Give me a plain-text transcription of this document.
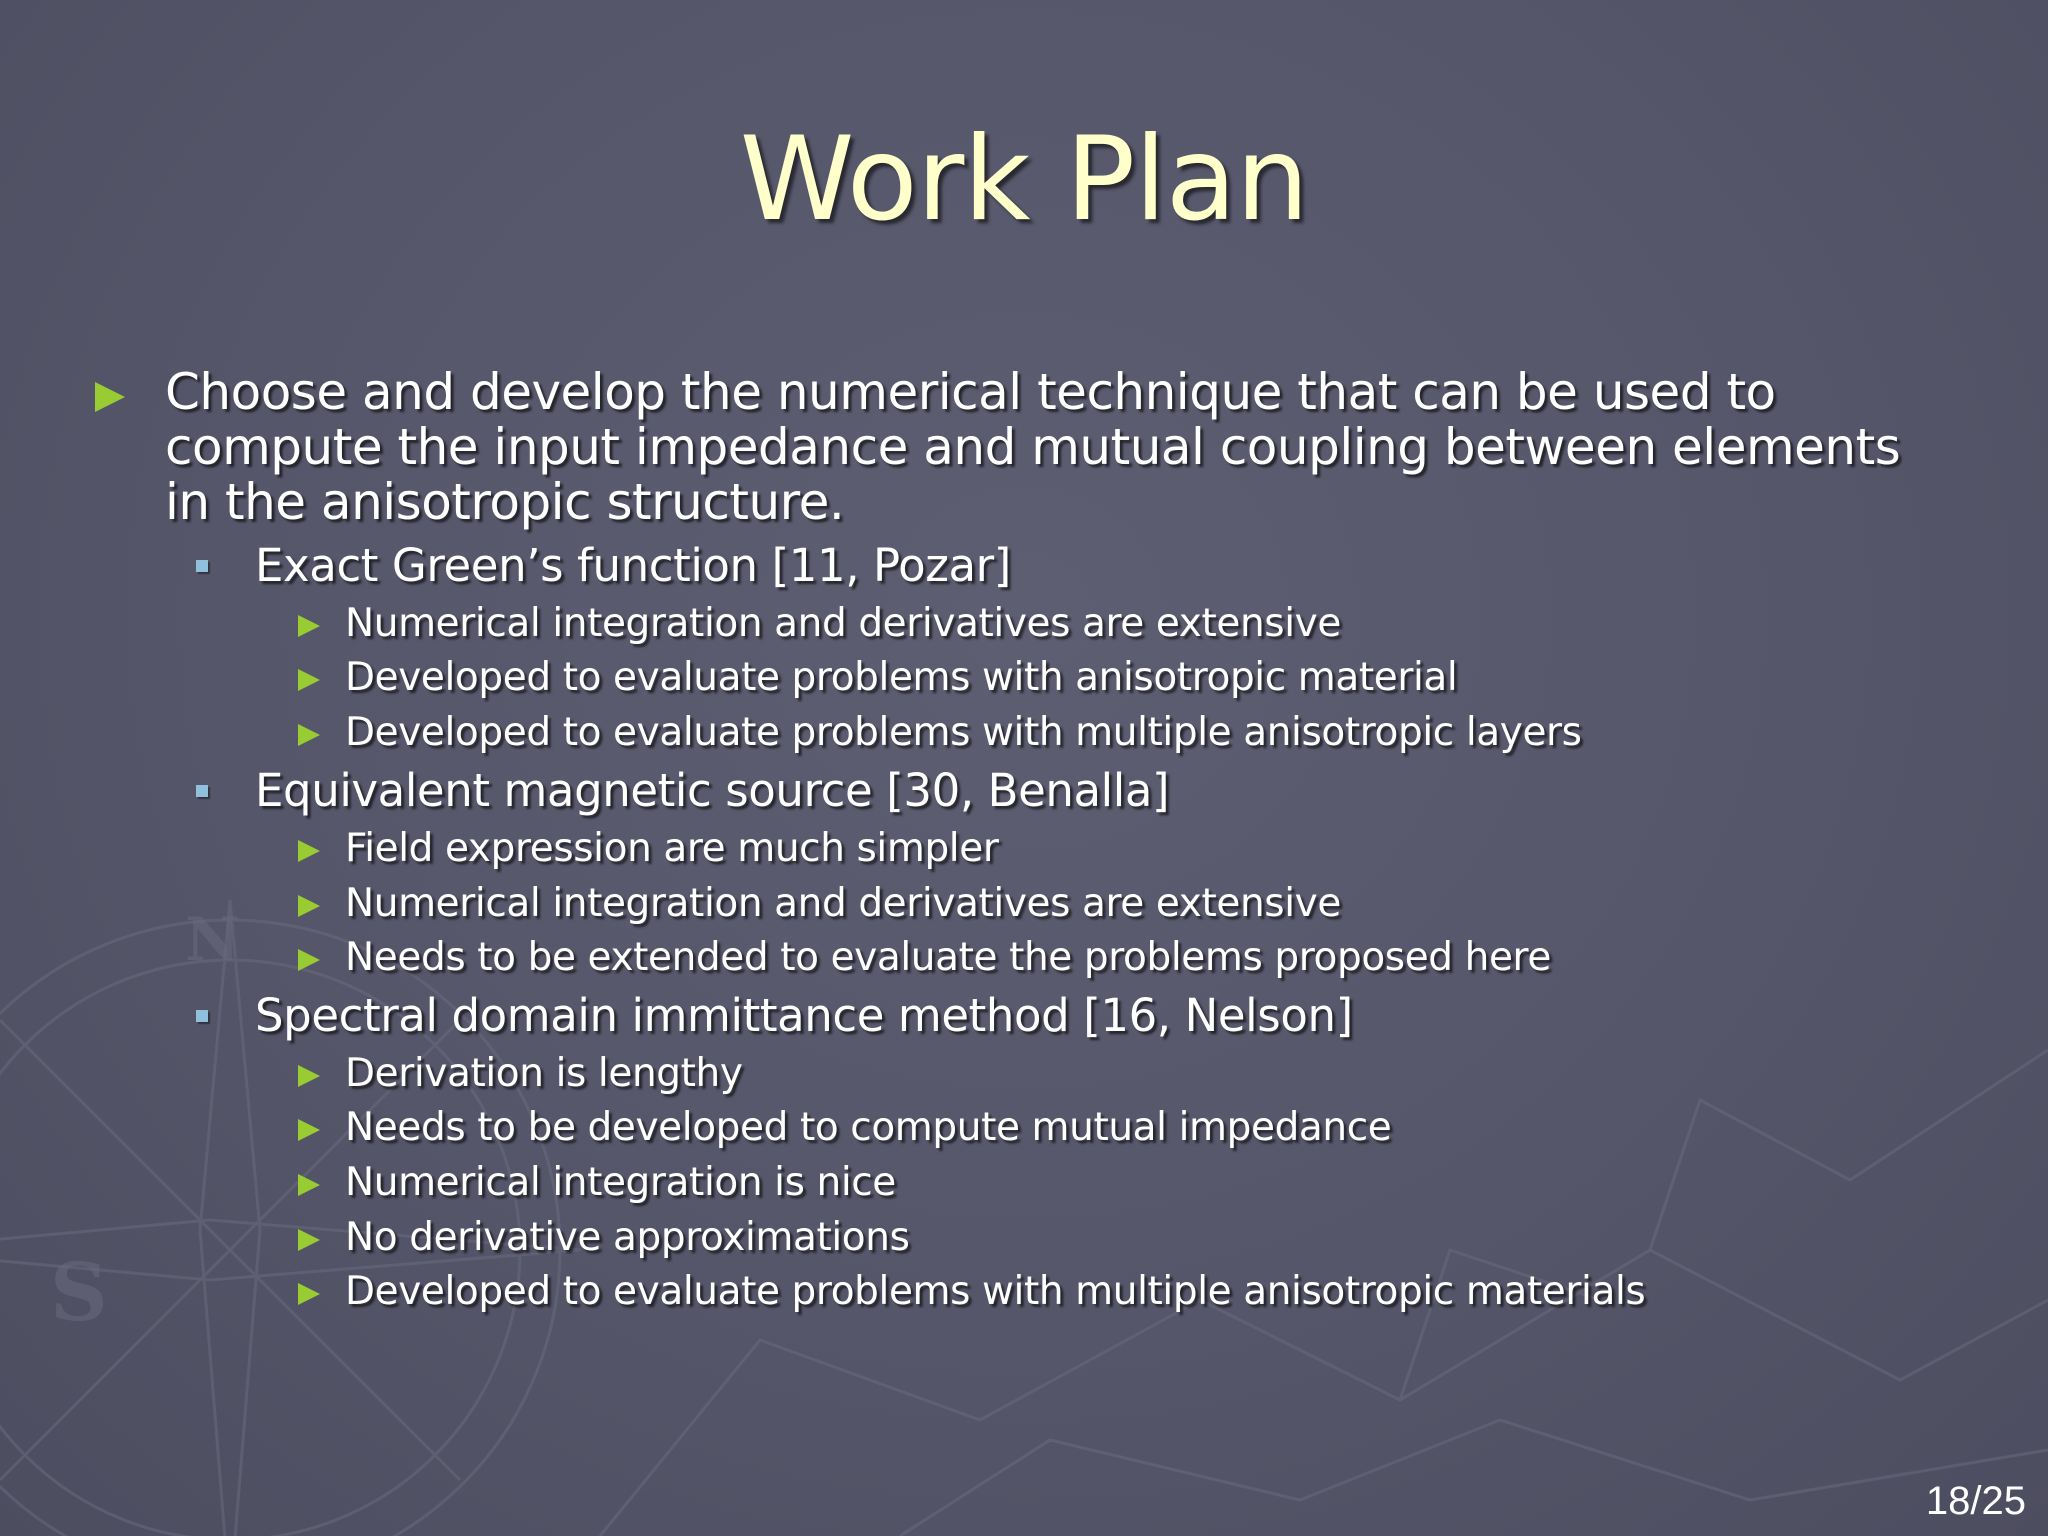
S
N
Work Plan
Choose and develop the numerical technique that can be used to
compute the input impedance and mutual coupling between elements
in the anisotropic structure.
Exact Green’s function [11, Pozar]
Numerical integration and derivatives are extensive
Developed to evaluate problems with anisotropic material
Developed to evaluate problems with multiple anisotropic layers
Equivalent magnetic source [30, Benalla]
Field expression are much simpler
Numerical integration and derivatives are extensive
Needs to be extended to evaluate the problems proposed here
Spectral domain immittance method [16, Nelson]
Derivation is lengthy
Needs to be developed to compute mutual impedance
Numerical integration is nice
No derivative approximations
Developed to evaluate problems with multiple anisotropic materials
18/25
